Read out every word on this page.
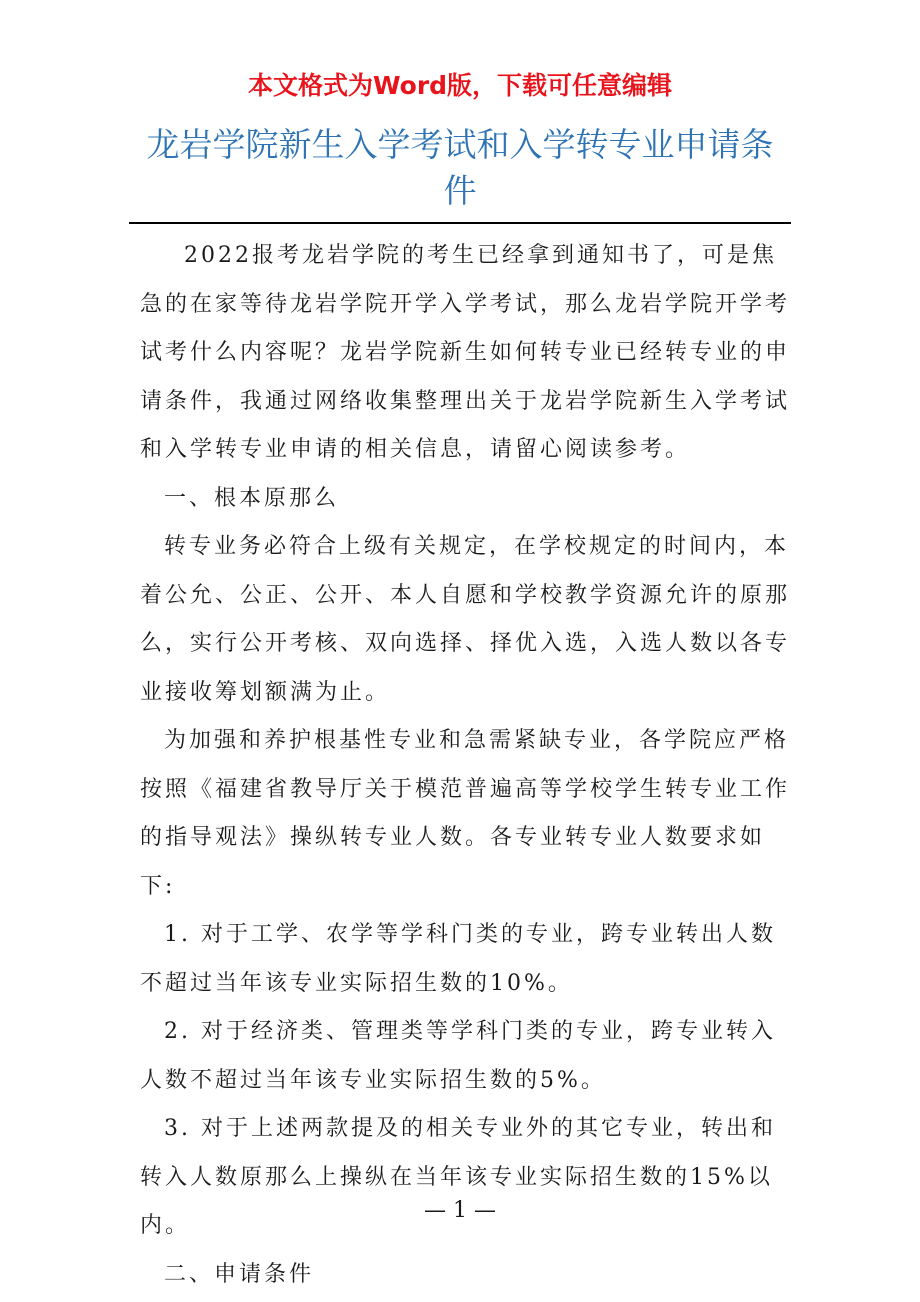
本文格式为Word版，下载可任意编辑
龙岩学院新生入学考试和入学转专业申请条件

2022报考龙岩学院的考生已经拿到通知书了，可是焦急的在家等待龙岩学院开学入学考试，那么龙岩学院开学考试考什么内容呢？龙岩学院新生如何转专业已经转专业的申请条件，我通过网络收集整理出关于龙岩学院新生入学考试和入学转专业申请的相关信息，请留心阅读参考。

一、根本原那么

转专业务必符合上级有关规定，在学校规定的时间内，本着公允、公正、公开、本人自愿和学校教学资源允许的原那么，实行公开考核、双向选择、择优入选，入选人数以各专业接收筹划额满为止。

为加强和养护根基性专业和急需紧缺专业，各学院应严格按照《福建省教导厅关于模范普遍高等学校学生转专业工作的指导观法》操纵转专业人数。各专业转专业人数要求如下:

1. 对于工学、农学等学科门类的专业，跨专业转出人数不超过当年该专业实际招生数的10%。

2. 对于经济类、管理类等学科门类的专业，跨专业转入人数不超过当年该专业实际招生数的5%。

3. 对于上述两款提及的相关专业外的其它专业，转出和转入人数原那么上操纵在当年该专业实际招生数的15%以内。

二、申请条件

— 1 —
